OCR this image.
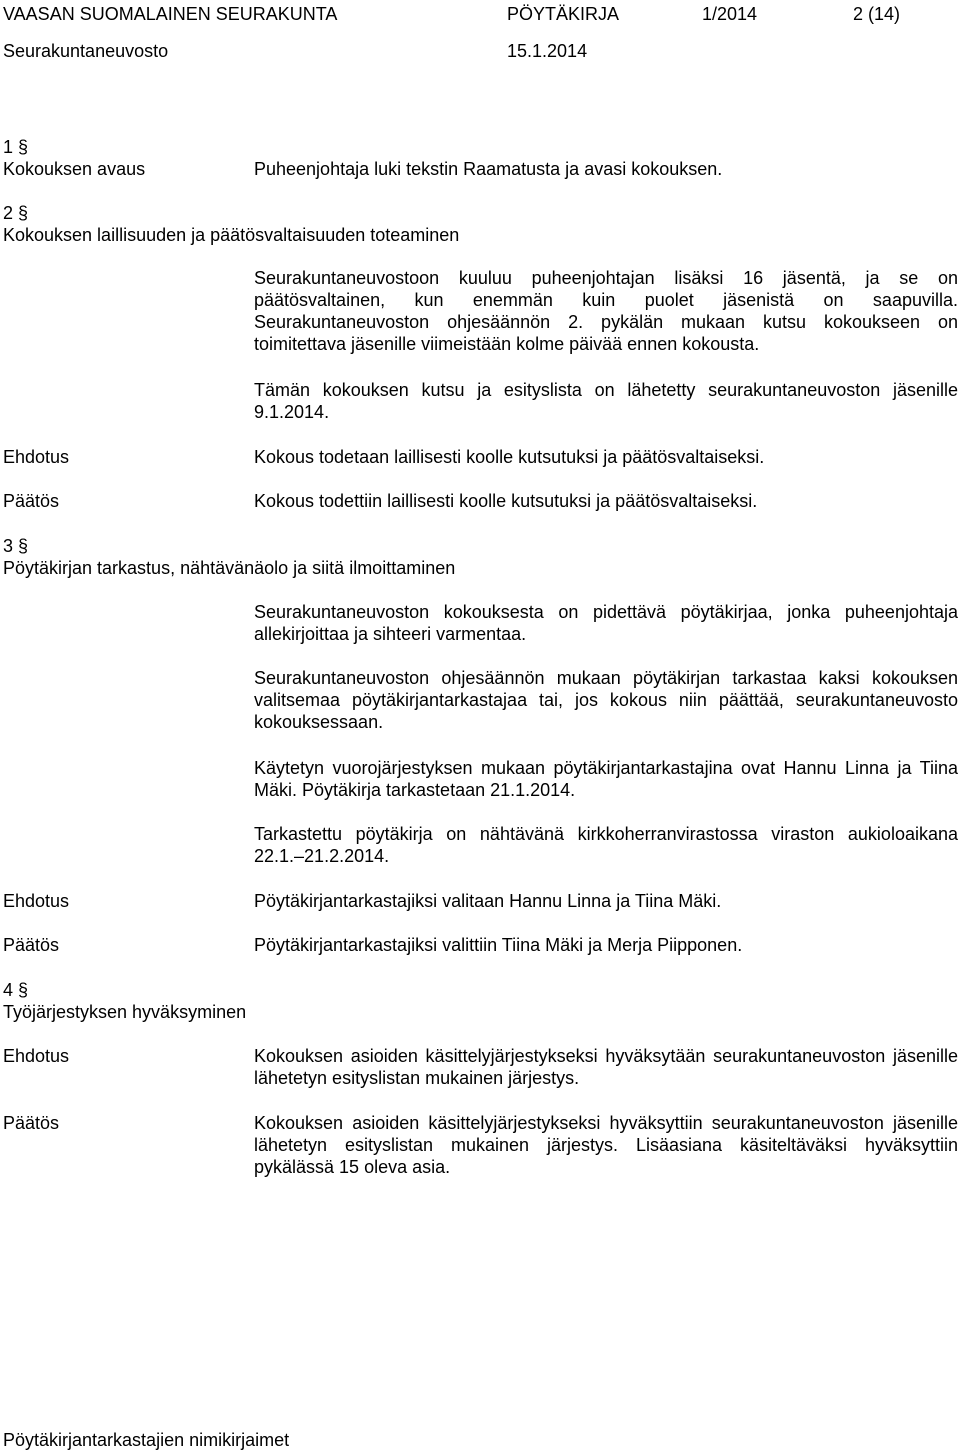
VAASAN SUOMALAINEN SEURAKUNTA	PÖYTÄKIRJA	1/2014	2 (14)
Seurakuntaneuvosto	15.1.2014
1 §
Kokouksen avaus	Puheenjohtaja luki tekstin Raamatusta ja avasi kokouksen.
2 §
Kokouksen laillisuuden ja päätösvaltaisuuden toteaminen

Seurakuntaneuvostoon kuuluu puheenjohtajan lisäksi 16 jäsentä, ja se on päätösvaltainen, kun enemmän kuin puolet jäsenistä on saapuvilla. Seurakuntaneuvoston ohjesäännön 2. pykälän mukaan kutsu kokoukseen on toimitettava jäsenille viimeistään kolme päivää ennen kokousta.

Tämän kokouksen kutsu ja esityslista on lähetetty seurakuntaneuvoston jäsenille 9.1.2014.

Ehdotus	Kokous todetaan laillisesti koolle kutsutuksi ja päätösvaltaiseksi.
Päätös	Kokous todettiin laillisesti koolle kutsutuksi ja päätösvaltaiseksi.
3 §
Pöytäkirjan tarkastus, nähtävänäolo ja siitä ilmoittaminen

Seurakuntaneuvoston kokouksesta on pidettävä pöytäkirjaa, jonka puheenjohtaja allekirjoittaa ja sihteeri varmentaa.

Seurakuntaneuvoston ohjesäännön mukaan pöytäkirjan tarkastaa kaksi kokouksen valitsemaa pöytäkirjantarkastajaa tai, jos kokous niin päättää, seurakuntaneuvosto kokouksessaan.

Käytetyn vuorojärjestyksen mukaan pöytäkirjantarkastajina ovat Hannu Linna ja Tiina Mäki. Pöytäkirja tarkastetaan 21.1.2014.

Tarkastettu pöytäkirja on nähtävänä kirkkoherranvirastossa viraston aukioloaikana 22.1.–21.2.2014.

Ehdotus	Pöytäkirjantarkastajiksi valitaan Hannu Linna ja Tiina Mäki.
Päätös	Pöytäkirjantarkastajiksi valittiin Tiina Mäki ja Merja Piipponen.
4 §
Työjärjestyksen hyväksyminen
Ehdotus	Kokouksen asioiden käsittelyjärjestykseksi hyväksytään seurakuntaneuvoston jäsenille lähetetyn esityslistan mukainen järjestys.

Päätös	Kokouksen asioiden käsittelyjärjestykseksi hyväksyttiin seurakuntaneuvoston jäsenille lähetetyn esityslistan mukainen järjestys. Lisäasiana käsiteltäväksi hyväksyttiin pykälässä 15 oleva asia.

Pöytäkirjantarkastajien nimikirjaimet
